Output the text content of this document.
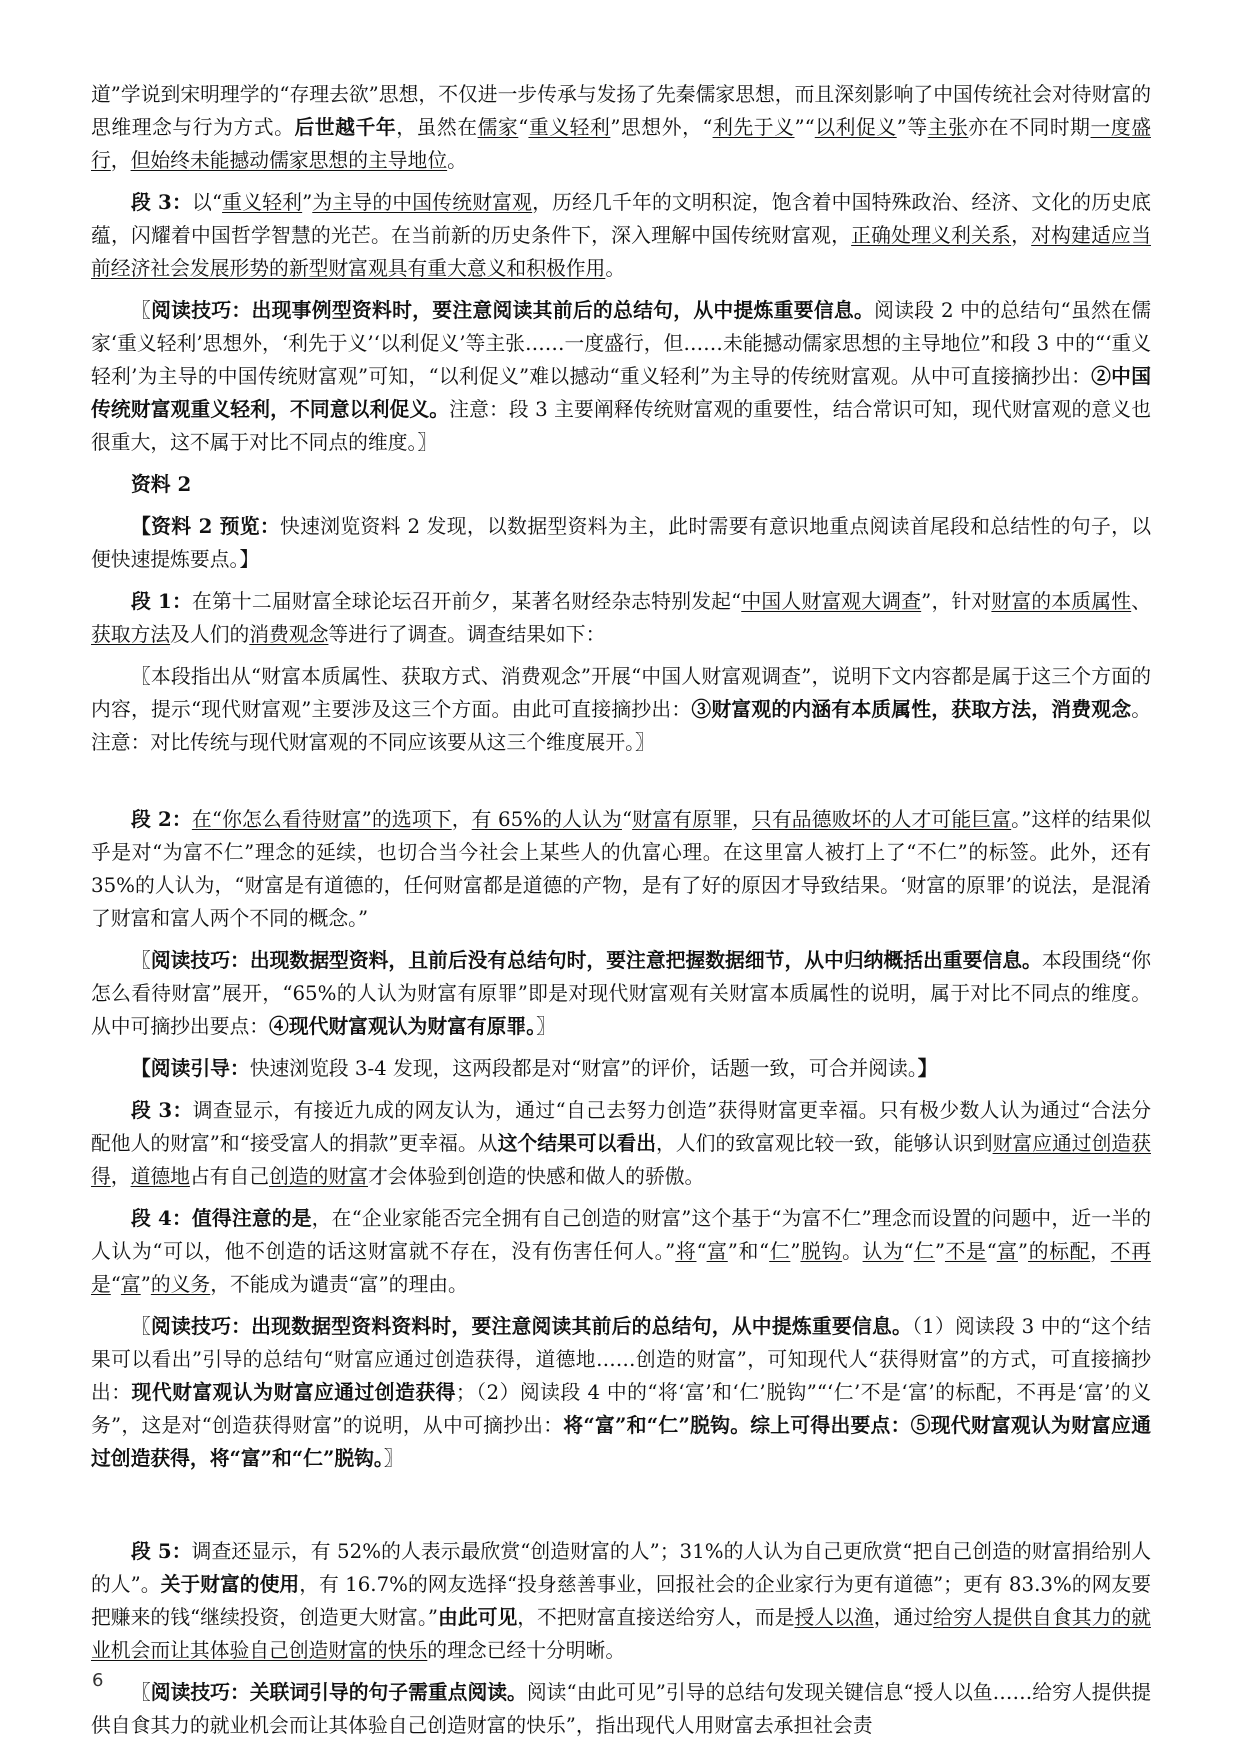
道”学说到宋明理学的“存理去欲”思想，不仅进一步传承与发扬了先秦儒家思想，而且深刻影响了中国传统社会对待财富的思维理念与行为方式。后世越千年，虽然在儒家“重义轻利”思想外，“利先于义”“以利促义”等主张亦在不同时期一度盛行，但始终未能撼动儒家思想的主导地位。

段 3：以“重义轻利”为主导的中国传统财富观，历经几千年的文明积淀，饱含着中国特殊政治、经济、文化的历史底蕴，闪耀着中国哲学智慧的光芒。在当前新的历史条件下，深入理解中国传统财富观，正确处理义利关系，对构建适应当前经济社会发展形势的新型财富观具有重大意义和积极作用。

〖阅读技巧：出现事例型资料时，要注意阅读其前后的总结句，从中提炼重要信息。阅读段 2 中的总结句“虽然在儒家‘重义轻利’思想外，‘利先于义’‘以利促义’等主张……一度盛行，但……未能撼动儒家思想的主导地位”和段 3 中的“‘重义轻利’为主导的中国传统财富观”可知，“以利促义”难以撼动“重义轻利”为主导的传统财富观。从中可直接摘抄出：②中国传统财富观重义轻利，不同意以利促义。注意：段 3 主要阐释传统财富观的重要性，结合常识可知，现代财富观的意义也很重大，这不属于对比不同点的维度。〗

资料 2

【资料 2 预览：快速浏览资料 2 发现，以数据型资料为主，此时需要有意识地重点阅读首尾段和总结性的句子，以便快速提炼要点。】

段 1：在第十二届财富全球论坛召开前夕，某著名财经杂志特别发起“中国人财富观大调查”，针对财富的本质属性、获取方法及人们的消费观念等进行了调查。调查结果如下：

〖本段指出从“财富本质属性、获取方式、消费观念”开展“中国人财富观调查”，说明下文内容都是属于这三个方面的内容，提示“现代财富观”主要涉及这三个方面。由此可直接摘抄出：③财富观的内涵有本质属性，获取方法，消费观念。注意：对比传统与现代财富观的不同应该要从这三个维度展开。〗

段 2：在“你怎么看待财富”的选项下，有 65%的人认为“财富有原罪，只有品德败坏的人才可能巨富。”这样的结果似乎是对“为富不仁”理念的延续，也切合当今社会上某些人的仇富心理。在这里富人被打上了“不仁”的标签。此外，还有 35%的人认为，“财富是有道德的，任何财富都是道德的产物，是有了好的原因才导致结果。‘财富的原罪’的说法，是混淆了财富和富人两个不同的概念。”

〖阅读技巧：出现数据型资料，且前后没有总结句时，要注意把握数据细节，从中归纳概括出重要信息。本段围绕“你怎么看待财富”展开，“65%的人认为财富有原罪”即是对现代财富观有关财富本质属性的说明，属于对比不同点的维度。从中可摘抄出要点：④现代财富观认为财富有原罪。〗

【阅读引导：快速浏览段 3-4 发现，这两段都是对“财富”的评价，话题一致，可合并阅读。】

段 3：调查显示，有接近九成的网友认为，通过“自己去努力创造”获得财富更幸福。只有极少数人认为通过“合法分配他人的财富”和“接受富人的捐款”更幸福。从这个结果可以看出，人们的致富观比较一致，能够认识到财富应通过创造获得，道德地占有自己创造的财富才会体验到创造的快感和做人的骄傲。

段 4：值得注意的是，在“企业家能否完全拥有自己创造的财富”这个基于“为富不仁”理念而设置的问题中，近一半的人认为“可以，他不创造的话这财富就不存在，没有伤害任何人。”将“富”和“仁”脱钩。认为“仁”不是“富”的标配，不再是“富”的义务，不能成为谴责“富”的理由。

〖阅读技巧：出现数据型资料资料时，要注意阅读其前后的总结句，从中提炼重要信息。（1）阅读段 3 中的“这个结果可以看出”引导的总结句“财富应通过创造获得，道德地……创造的财富”，可知现代人“获得财富”的方式，可直接摘抄出：现代财富观认为财富应通过创造获得；（2）阅读段 4 中的“将‘富’和‘仁’脱钩”“‘仁’不是‘富’的标配，不再是‘富’的义务”，这是对“创造获得财富”的说明，从中可摘抄出：将“富”和“仁”脱钩。综上可得出要点：⑤现代财富观认为财富应通过创造获得，将“富”和“仁”脱钩。〗

段 5：调查还显示，有 52%的人表示最欣赏“创造财富的人”；31%的人认为自己更欣赏“把自己创造的财富捐给别人的人”。关于财富的使用，有 16.7%的网友选择“投身慈善事业，回报社会的企业家行为更有道德”；更有 83.3%的网友要把赚来的钱“继续投资，创造更大财富。”由此可见，不把财富直接送给穷人，而是授人以渔，通过给穷人提供自食其力的就业机会而让其体验自己创造财富的快乐的理念已经十分明晰。

〖阅读技巧：关联词引导的句子需重点阅读。阅读“由此可见”引导的总结句发现关键信息“授人以鱼……给穷人提供提供自食其力的就业机会而让其体验自己创造财富的快乐”，指出现代人用财富去承担社会责

6
